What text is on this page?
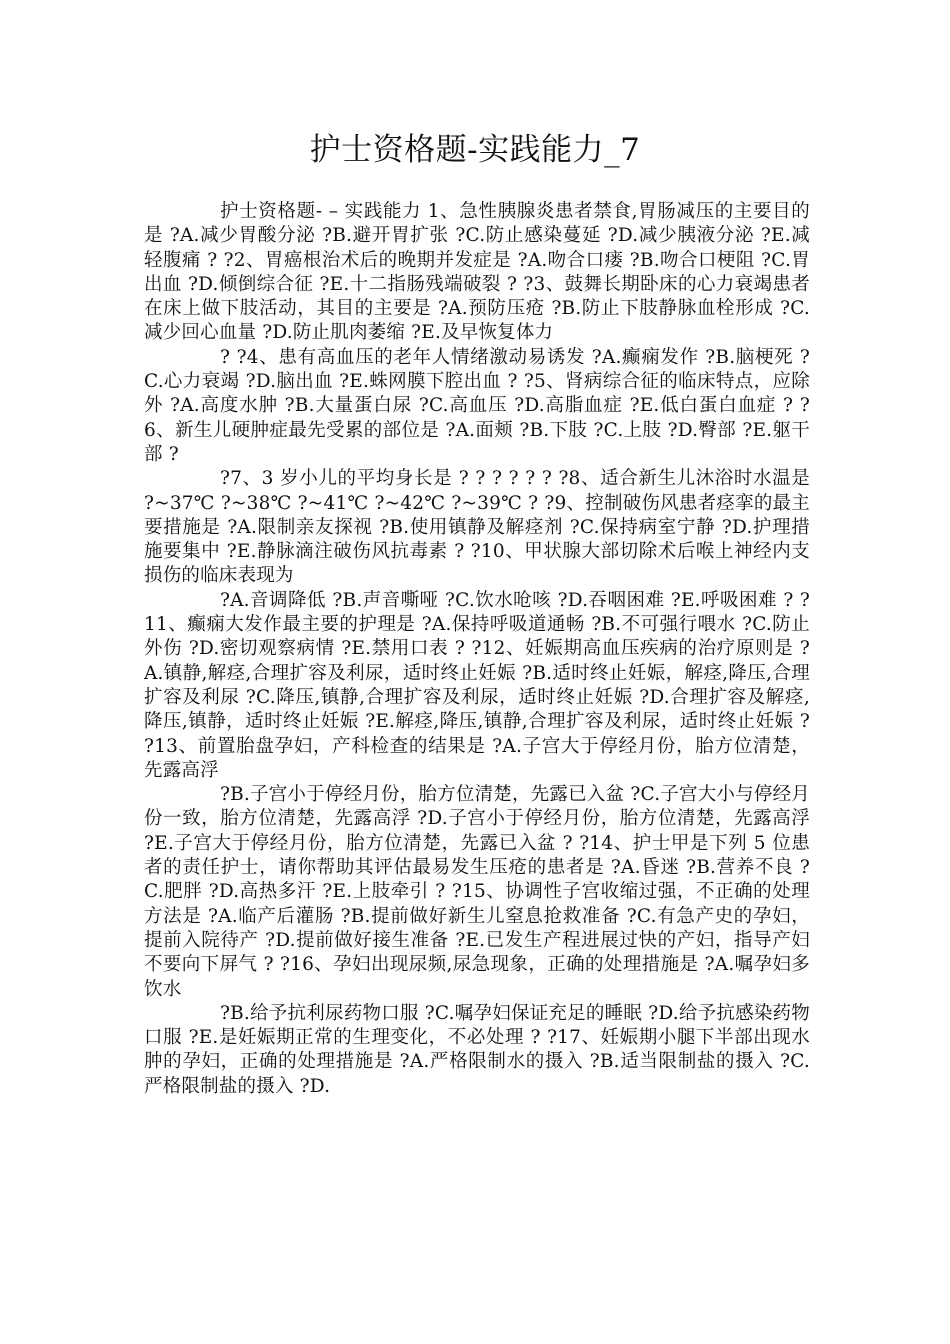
护士资格题-实践能力_7

护士资格题- – 实践能力 1、急性胰腺炎患者禁食,胃肠减压的主要目的是 ?A.减少胃酸分泌 ?B.避开胃扩张 ?C.防止感染蔓延 ?D.减少胰液分泌 ?E.减轻腹痛 ? ?2、胃癌根治术后的晚期并发症是 ?A.吻合口瘘 ?B.吻合口梗阻 ?C.胃出血 ?D.倾倒综合征 ?E.十二指肠残端破裂 ? ?3、鼓舞长期卧床的心力衰竭患者在床上做下肢活动，其目的主要是 ?A.预防压疮 ?B.防止下肢静脉血栓形成 ?C.减少回心血量 ?D.防止肌肉萎缩 ?E.及早恢复体力

? ?4、患有高血压的老年人情绪激动易诱发 ?A.癫痫发作 ?B.脑梗死 ?C.心力衰竭 ?D.脑出血 ?E.蛛网膜下腔出血 ? ?5、肾病综合征的临床特点，应除外 ?A.高度水肿 ?B.大量蛋白尿 ?C.高血压 ?D.高脂血症 ?E.低白蛋白血症 ? ?6、新生儿硬肿症最先受累的部位是 ?A.面颊 ?B.下肢 ?C.上肢 ?D.臀部 ?E.躯干部 ?

?7、3 岁小儿的平均身长是 ? ? ? ? ? ? ?8、适合新生儿沐浴时水温是 ?~37℃ ?~38℃ ?~41℃ ?~42℃ ?~39℃ ? ?9、控制破伤风患者痉挛的最主要措施是 ?A.限制亲友探视 ?B.使用镇静及解痉剂 ?C.保持病室宁静 ?D.护理措施要集中 ?E.静脉滴注破伤风抗毒素 ? ?10、甲状腺大部切除术后喉上神经内支损伤的临床表现为

?A.音调降低 ?B.声音嘶哑 ?C.饮水呛咳 ?D.吞咽困难 ?E.呼吸困难 ? ?11、癫痫大发作最主要的护理是 ?A.保持呼吸道通畅 ?B.不可强行喂水 ?C.防止外伤 ?D.密切观察病情 ?E.禁用口表 ? ?12、妊娠期高血压疾病的治疗原则是 ?A.镇静,解痉,合理扩容及利尿，适时终止妊娠 ?B.适时终止妊娠，解痉,降压,合理扩容及利尿 ?C.降压,镇静,合理扩容及利尿，适时终止妊娠 ?D.合理扩容及解痉,降压,镇静，适时终止妊娠 ?E.解痉,降压,镇静,合理扩容及利尿，适时终止妊娠 ? ?13、前置胎盘孕妇，产科检查的结果是 ?A.子宫大于停经月份，胎方位清楚，先露高浮

?B.子宫小于停经月份，胎方位清楚，先露已入盆 ?C.子宫大小与停经月份一致，胎方位清楚，先露高浮 ?D.子宫小于停经月份，胎方位清楚，先露高浮 ?E.子宫大于停经月份，胎方位清楚，先露已入盆 ? ?14、护士甲是下列 5 位患者的责任护士，请你帮助其评估最易发生压疮的患者是 ?A.昏迷 ?B.营养不良 ?C.肥胖 ?D.高热多汗 ?E.上肢牵引 ? ?15、协调性子宫收缩过强，不正确的处理方法是 ?A.临产后灌肠 ?B.提前做好新生儿窒息抢救准备 ?C.有急产史的孕妇，提前入院待产 ?D.提前做好接生准备 ?E.已发生产程进展过快的产妇，指导产妇不要向下屏气 ? ?16、孕妇出现尿频,尿急现象，正确的处理措施是 ?A.嘱孕妇多饮水

?B.给予抗利尿药物口服 ?C.嘱孕妇保证充足的睡眠 ?D.给予抗感染药物口服 ?E.是妊娠期正常的生理变化，不必处理 ? ?17、妊娠期小腿下半部出现水肿的孕妇，正确的处理措施是 ?A.严格限制水的摄入 ?B.适当限制盐的摄入 ?C.严格限制盐的摄入 ?D.
